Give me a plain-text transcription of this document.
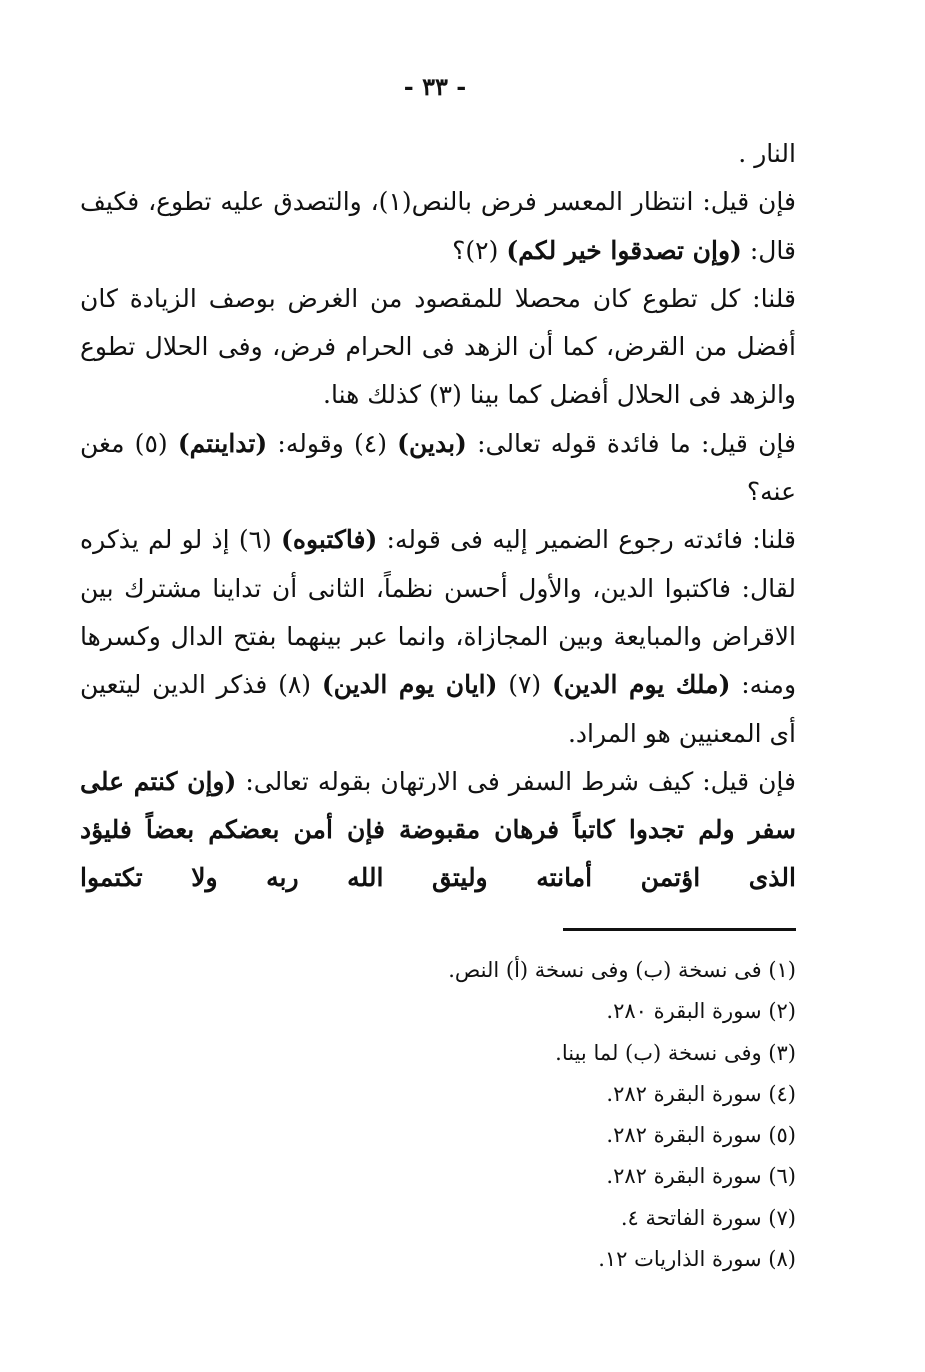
- ٣٣ -

النار .

فإن قيل: انتظار المعسر فرض بالنص(١)، والتصدق عليه تطوع، فكيف قال: (وإن تصدقوا خير لكم) (٢)؟

قلنا: كل تطوع كان محصلا للمقصود من الغرض بوصف الزيادة كان أفضل من القرض، كما أن الزهد فى الحرام فرض، وفى الحلال تطوع والزهد فى الحلال أفضل كما بينا (٣) كذلك هنا.

فإن قيل: ما فائدة قوله تعالى: (بدين) (٤) وقوله: (تداينتم) (٥) مغن عنه؟

قلنا: فائدته رجوع الضمير إليه فى قوله: (فاكتبوه) (٦) إذ لو لم يذكره لقال: فاكتبوا الدين، والأول أحسن نظماً، الثانى أن تداينا مشترك بين الاقراض والمبايعة وبين المجازاة، وانما عبر بينهما بفتح الدال وكسرها ومنه: (ملك يوم الدين) (٧) (ايان يوم الدين) (٨) فذكر الدين ليتعين أى المعنيين هو المراد.

فإن قيل: كيف شرط السفر فى الارتهان بقوله تعالى: (وإن كنتم على سفر ولم تجدوا كاتباً فرهان مقبوضة فإن أمن بعضكم بعضاً فليؤد الذى اؤتمن أمانته وليتق الله ربه ولا تكتموا

(١) فى نسخة (ب) وفى نسخة (أ) النص.

(٢) سورة البقرة ٢٨٠.

(٣) وفى نسخة (ب) لما بينا.

(٤) سورة البقرة ٢٨٢.

(٥) سورة البقرة ٢٨٢.

(٦) سورة البقرة ٢٨٢.

(٧) سورة الفاتحة ٤.

(٨) سورة الذاريات ١٢.
